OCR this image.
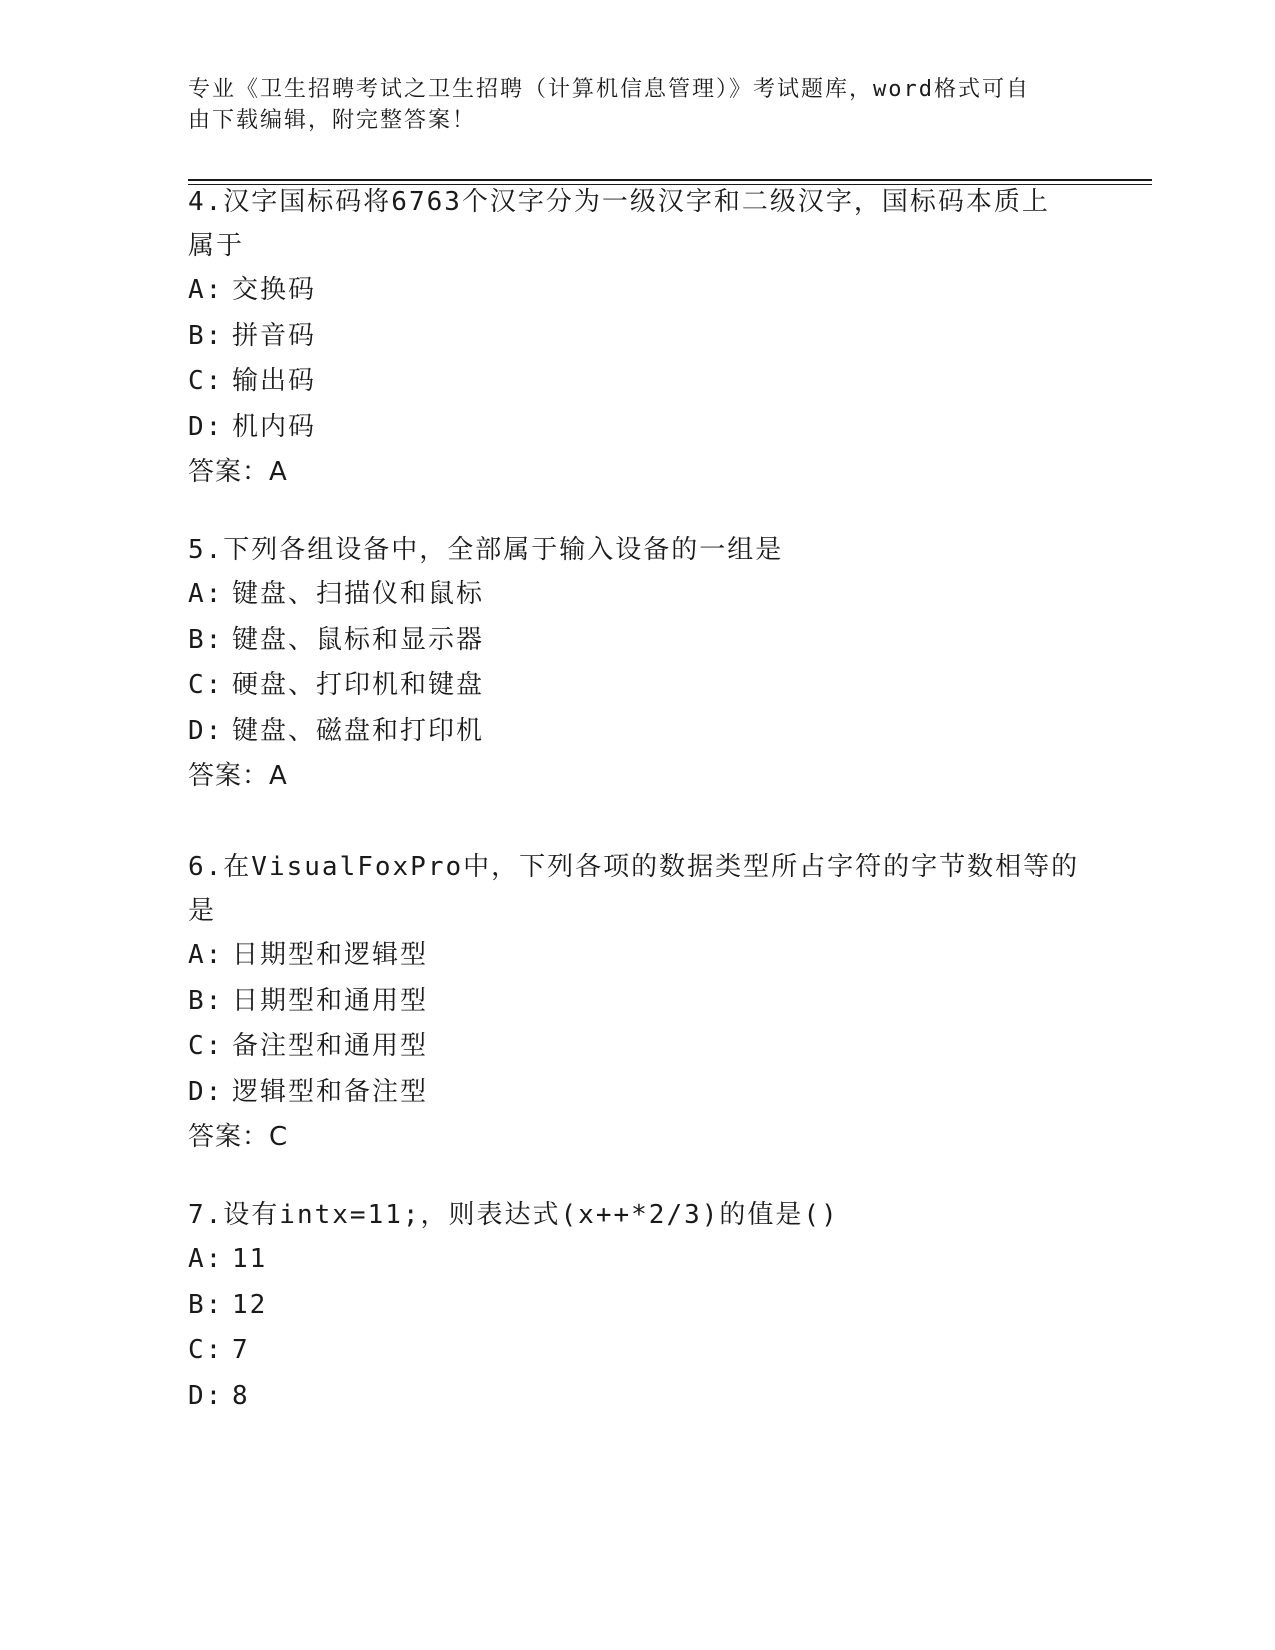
专业《卫生招聘考试之卫生招聘（计算机信息管理）》考试题库，word格式可自
由下载编辑，附完整答案！

4.汉字国标码将6763个汉字分为一级汉字和二级汉字，国标码本质上

属于

A: 交换码

B: 拼音码

C: 输出码

D: 机内码

答案：A

5.下列各组设备中，全部属于输入设备的一组是

A: 键盘、扫描仪和鼠标

B: 键盘、鼠标和显示器

C: 硬盘、打印机和键盘

D: 键盘、磁盘和打印机

答案：A

6.在VisualFoxPro中，下列各项的数据类型所占字符的字节数相等的

是

A: 日期型和逻辑型

B: 日期型和通用型

C: 备注型和通用型

D: 逻辑型和备注型

答案：C

7.设有intx=11;，则表达式(x++*2/3)的值是()

A: 11

B: 12

C: 7

D: 8
